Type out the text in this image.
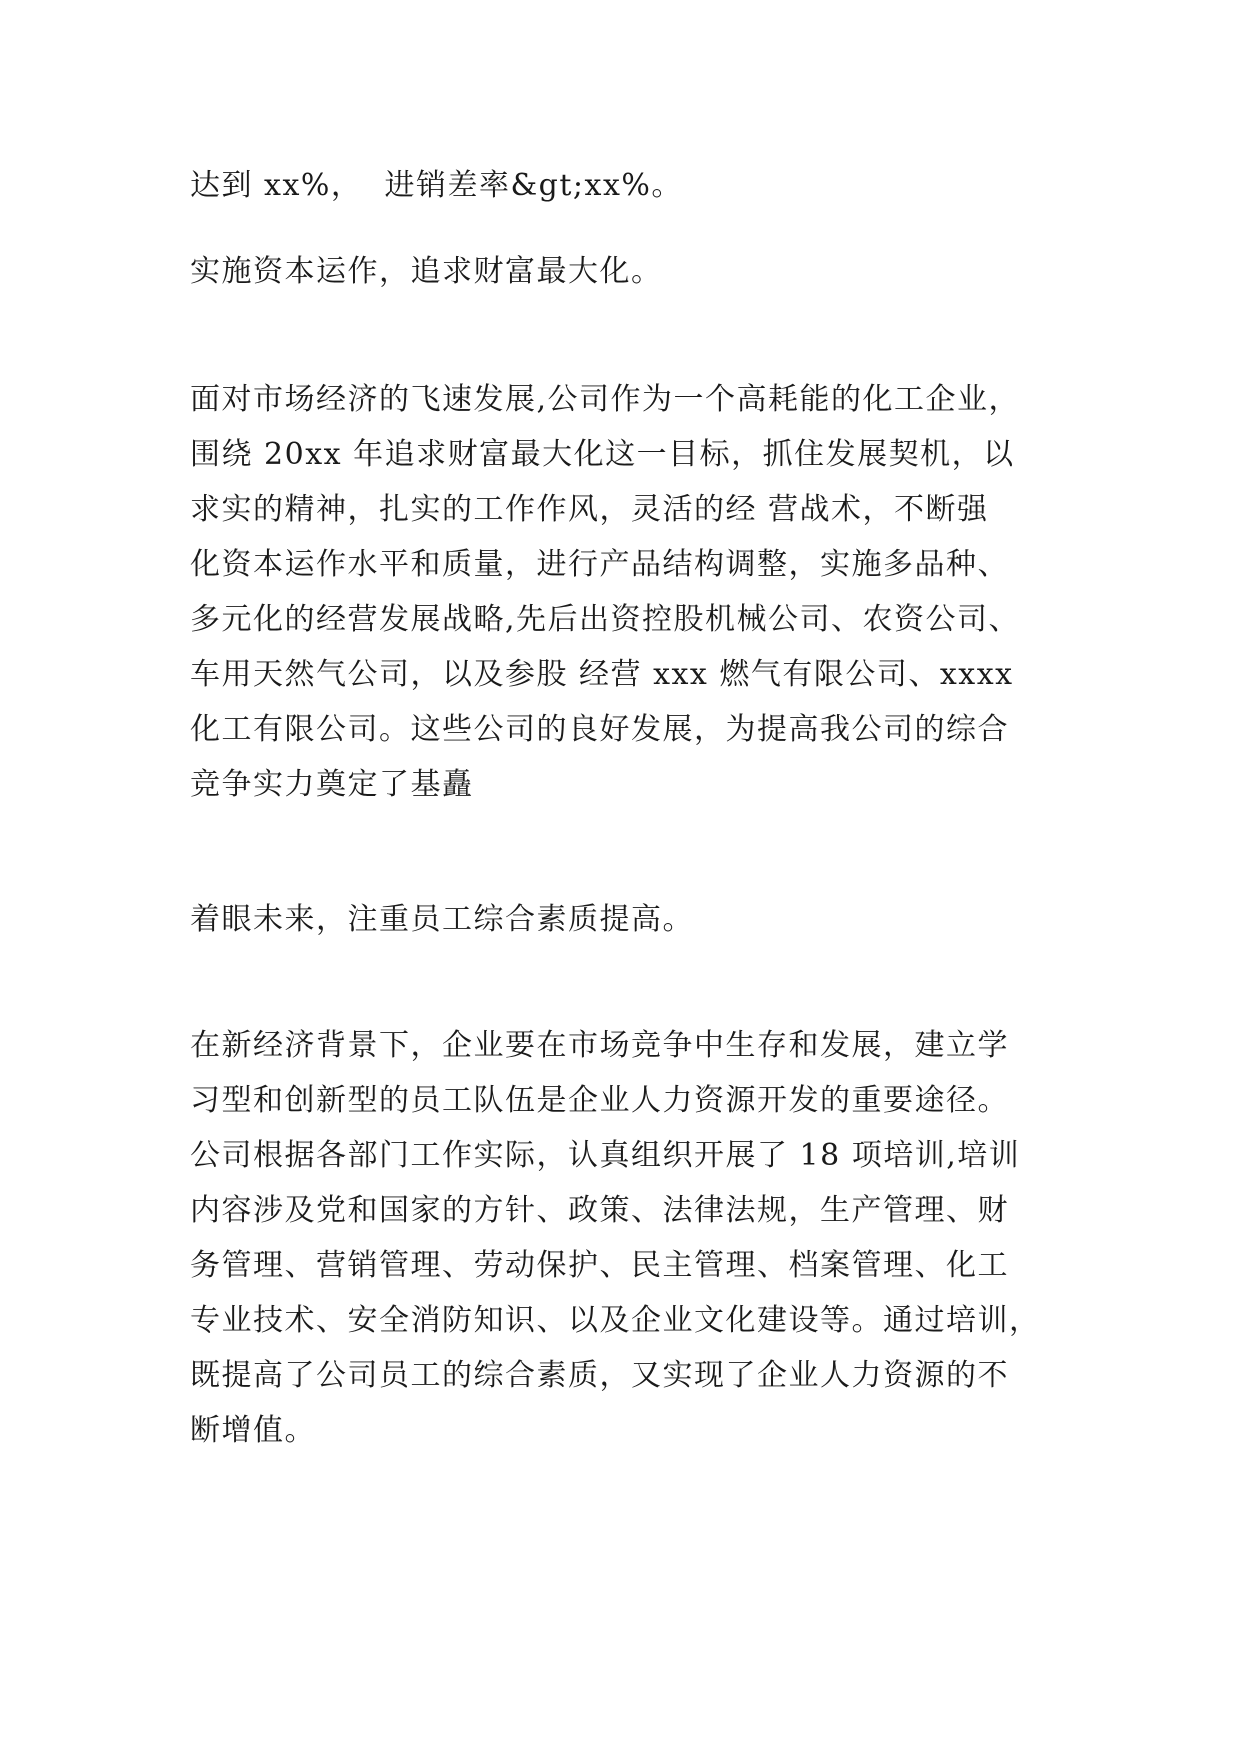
达到 xx%，  进销差率&gt;xx%。

实施资本运作，追求财富最大化。

面对市场经济的飞速发展,公司作为一个高耗能的化工企业，

围绕 20xx 年追求财富最大化这一目标，抓住发展契机，以

求实的精神，扎实的工作作风，灵活的经 营战术，不断强

化资本运作水平和质量，进行产品结构调整，实施多品种、

多元化的经营发展战略,先后出资控股机械公司、农资公司、

车用天然气公司，以及参股 经营 xxx 燃气有限公司、xxxx

化工有限公司。这些公司的良好发展，为提高我公司的综合

竞争实力奠定了基矗

着眼未来，注重员工综合素质提高。

在新经济背景下，企业要在市场竞争中生存和发展，建立学

习型和创新型的员工队伍是企业人力资源开发的重要途径。

公司根据各部门工作实际，认真组织开展了 18 项培训,培训

内容涉及党和国家的方针、政策、法律法规，生产管理、财

务管理、营销管理、劳动保护、民主管理、档案管理、化工

专业技术、安全消防知识、以及企业文化建设等。通过培训，

既提高了公司员工的综合素质，又实现了企业人力资源的不

断增值。
